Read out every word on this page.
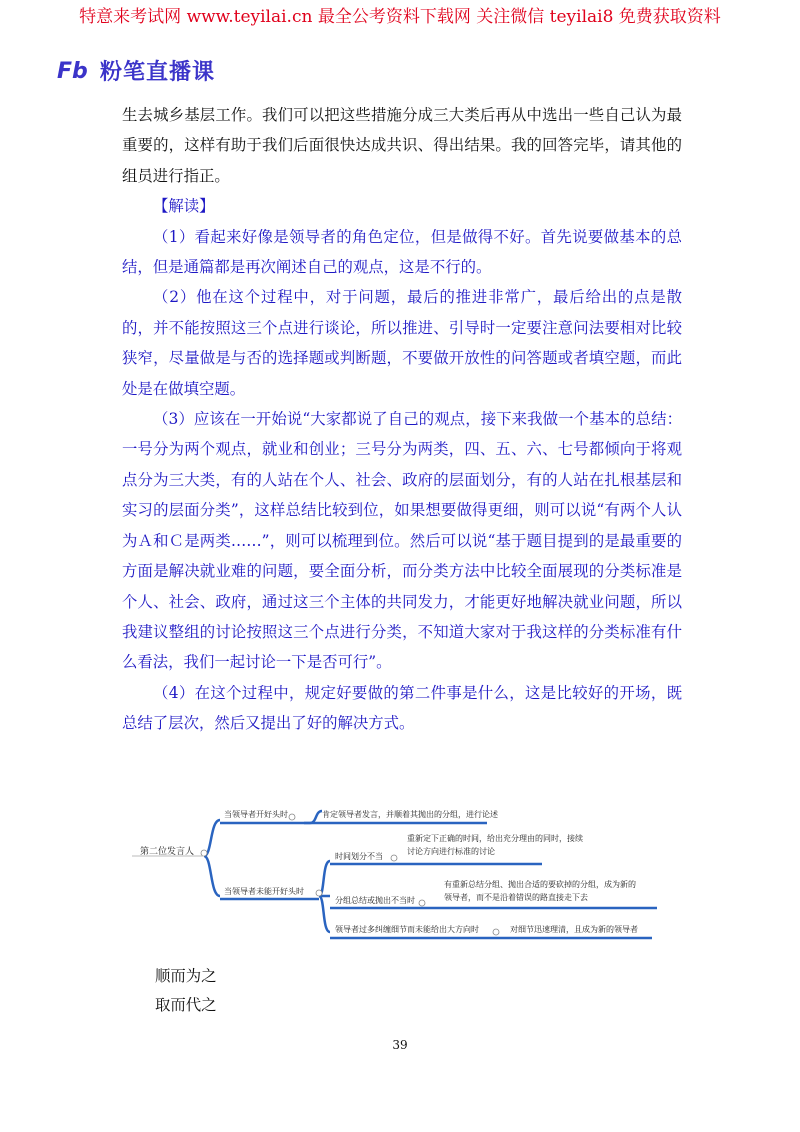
特意来考试网 www.teyilai.cn 最全公考资料下载网 关注微信 teyilai8 免费获取资料
Fb 粉笔直播课

生去城乡基层工作。我们可以把这些措施分成三大类后再从中选出一些自己认为最重要的，这样有助于我们后面很快达成共识、得出结果。我的回答完毕，请其他的组员进行指正。

【解读】

（1）看起来好像是领导者的角色定位，但是做得不好。首先说要做基本的总结，但是通篇都是再次阐述自己的观点，这是不行的。

（2）他在这个过程中，对于问题，最后的推进非常广，最后给出的点是散的，并不能按照这三个点进行谈论，所以推进、引导时一定要注意问法要相对比较狭窄，尽量做是与否的选择题或判断题，不要做开放性的问答题或者填空题，而此处是在做填空题。

（3）应该在一开始说“大家都说了自己的观点，接下来我做一个基本的总结：一号分为两个观点，就业和创业；三号分为两类，四、五、六、七号都倾向于将观点分为三大类，有的人站在个人、社会、政府的层面划分，有的人站在扎根基层和实习的层面分类”，这样总结比较到位，如果想要做得更细，则可以说“有两个人认为Ａ和Ｃ是两类……”，则可以梳理到位。然后可以说“基于题目提到的是最重要的方面是解决就业难的问题，要全面分析，而分类方法中比较全面展现的分类标准是个人、社会、政府，通过这三个主体的共同发力，才能更好地解决就业问题，所以我建议整组的讨论按照这三个点进行分类，不知道大家对于我这样的分类标准有什么看法，我们一起讨论一下是否可行”。

（4）在这个过程中，规定好要做的第二件事是什么，这是比较好的开场，既总结了层次，然后又提出了好的解决方式。

第二位发言人
当领导者开好头时	肯定领导者发言，并顺着其抛出的分组，进行论述
当领导者未能开好头时
时间划分不当
重新定下正确的时间，给出充分理由的同时，接续
讨论方向进行标准的讨论
分组总结或抛出不当时
有重新总结分组、抛出合适的要砍掉的分组，成为新的
领导者，而不是沿着错误的路直接走下去
领导者过多纠缠细节而未能给出大方向时	对细节迅速理清，且成为新的领导者

顺而为之

取而代之

39
